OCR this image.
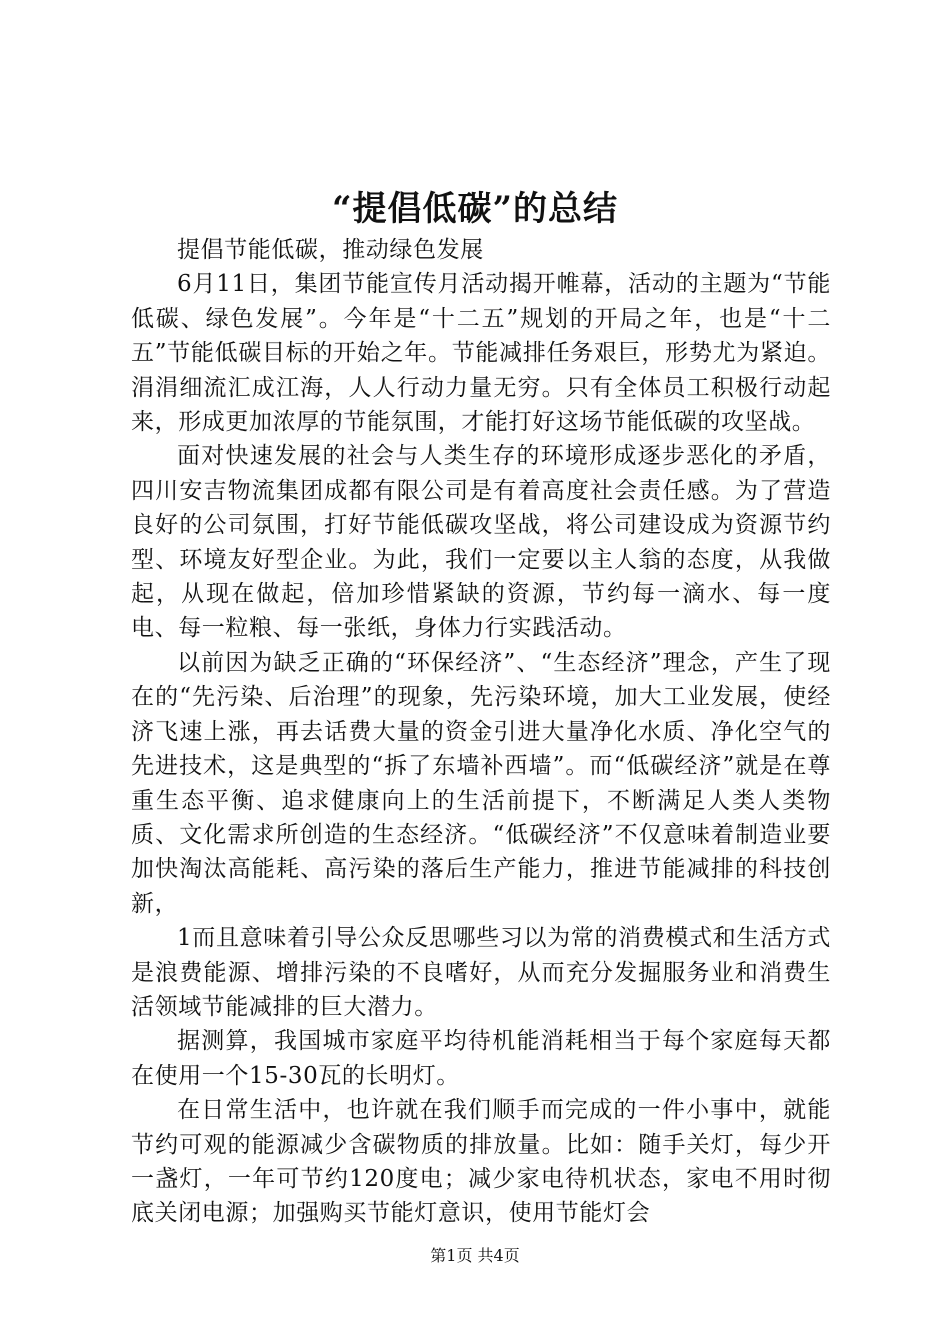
“提倡低碳”的总结

提倡节能低碳，推动绿色发展

6月11日，集团节能宣传月活动揭开帷幕，活动的主题为“节能低碳、绿色发展”。今年是“十二五”规划的开局之年，也是“十二五”节能低碳目标的开始之年。节能减排任务艰巨，形势尤为紧迫。涓涓细流汇成江海，人人行动力量无穷。只有全体员工积极行动起来，形成更加浓厚的节能氛围，才能打好这场节能低碳的攻坚战。

面对快速发展的社会与人类生存的环境形成逐步恶化的矛盾，四川安吉物流集团成都有限公司是有着高度社会责任感。为了营造良好的公司氛围，打好节能低碳攻坚战，将公司建设成为资源节约型、环境友好型企业。为此，我们一定要以主人翁的态度，从我做起，从现在做起，倍加珍惜紧缺的资源，节约每一滴水、每一度电、每一粒粮、每一张纸，身体力行实践活动。

以前因为缺乏正确的“环保经济”、“生态经济”理念，产生了现在的“先污染、后治理”的现象，先污染环境，加大工业发展，使经济飞速上涨，再去话费大量的资金引进大量净化水质、净化空气的先进技术，这是典型的“拆了东墙补西墙”。而“低碳经济”就是在尊重生态平衡、追求健康向上的生活前提下，不断满足人类人类物质、文化需求所创造的生态经济。“低碳经济”不仅意味着制造业要加快淘汰高能耗、高污染的落后生产能力，推进节能减排的科技创新，

1而且意味着引导公众反思哪些习以为常的消费模式和生活方式是浪费能源、增排污染的不良嗜好，从而充分发掘服务业和消费生活领域节能减排的巨大潜力。

据测算，我国城市家庭平均待机能消耗相当于每个家庭每天都在使用一个15-30瓦的长明灯。

在日常生活中，也许就在我们顺手而完成的一件小事中，就能节约可观的能源减少含碳物质的排放量。比如：随手关灯，每少开一盏灯，一年可节约120度电；减少家电待机状态，家电不用时彻底关闭电源；加强购买节能灯意识，使用节能灯会

第1页 共4页
